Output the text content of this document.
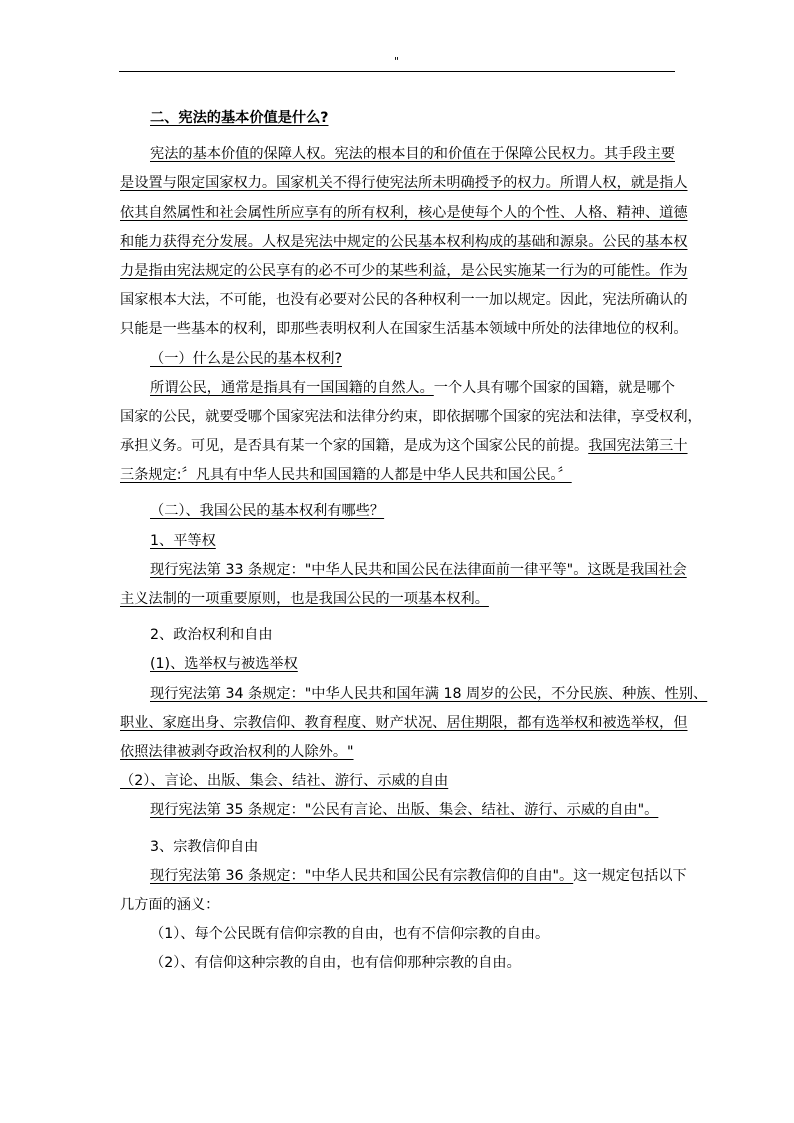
"
二、宪法的基本价值是什么?
宪法的基本价值的保障人权。宪法的根本目的和价值在于保障公民权力。其手段主要
是设置与限定国家权力。国家机关不得行使宪法所未明确授予的权力。所谓人权，就是指人
依其自然属性和社会属性所应享有的所有权利，核心是使每个人的个性、人格、精神、道德
和能力获得充分发展。人权是宪法中规定的公民基本权利构成的基础和源泉。公民的基本权
力是指由宪法规定的公民享有的必不可少的某些利益，是公民实施某一行为的可能性。作为
国家根本大法，不可能，也没有必要对公民的各种权利一一加以规定。因此，宪法所确认的
只能是一些基本的权利，即那些表明权利人在国家生活基本领域中所处的法律地位的权利。
（一）什么是公民的基本权利?
所谓公民，通常是指具有一国国籍的自然人。一个人具有哪个国家的国籍，就是哪个
国家的公民，就要受哪个国家宪法和法律分约束，即依据哪个国家的宪法和法律，享受权利，
承担义务。可见，是否具有某一个家的国籍，是成为这个国家公民的前提。我国宪法第三十
三条规定:〞凡具有中华人民共和国国籍的人都是中华人民共和国公民。〞
（二）、我国公民的基本权利有哪些？
1、平等权
现行宪法第 33 条规定："中华人民共和国公民在法律面前一律平等"。这既是我国社会
主义法制的一项重要原则，也是我国公民的一项基本权利。
2、政治权利和自由
(1)、选举权与被选举权
现行宪法第 34 条规定："中华人民共和国年满 18 周岁的公民，不分民族、种族、性别、
职业、家庭出身、宗教信仰、教育程度、财产状况、居住期限，都有选举权和被选举权，但
依照法律被剥夺政治权利的人除外。"
（2）、言论、出版、集会、结社、游行、示威的自由
现行宪法第 35 条规定："公民有言论、出版、集会、结社、游行、示威的自由"。
3、宗教信仰自由
现行宪法第 36 条规定："中华人民共和国公民有宗教信仰的自由"。这一规定包括以下
几方面的涵义：
（1）、每个公民既有信仰宗教的自由，也有不信仰宗教的自由。
（2）、有信仰这种宗教的自由，也有信仰那种宗教的自由。
